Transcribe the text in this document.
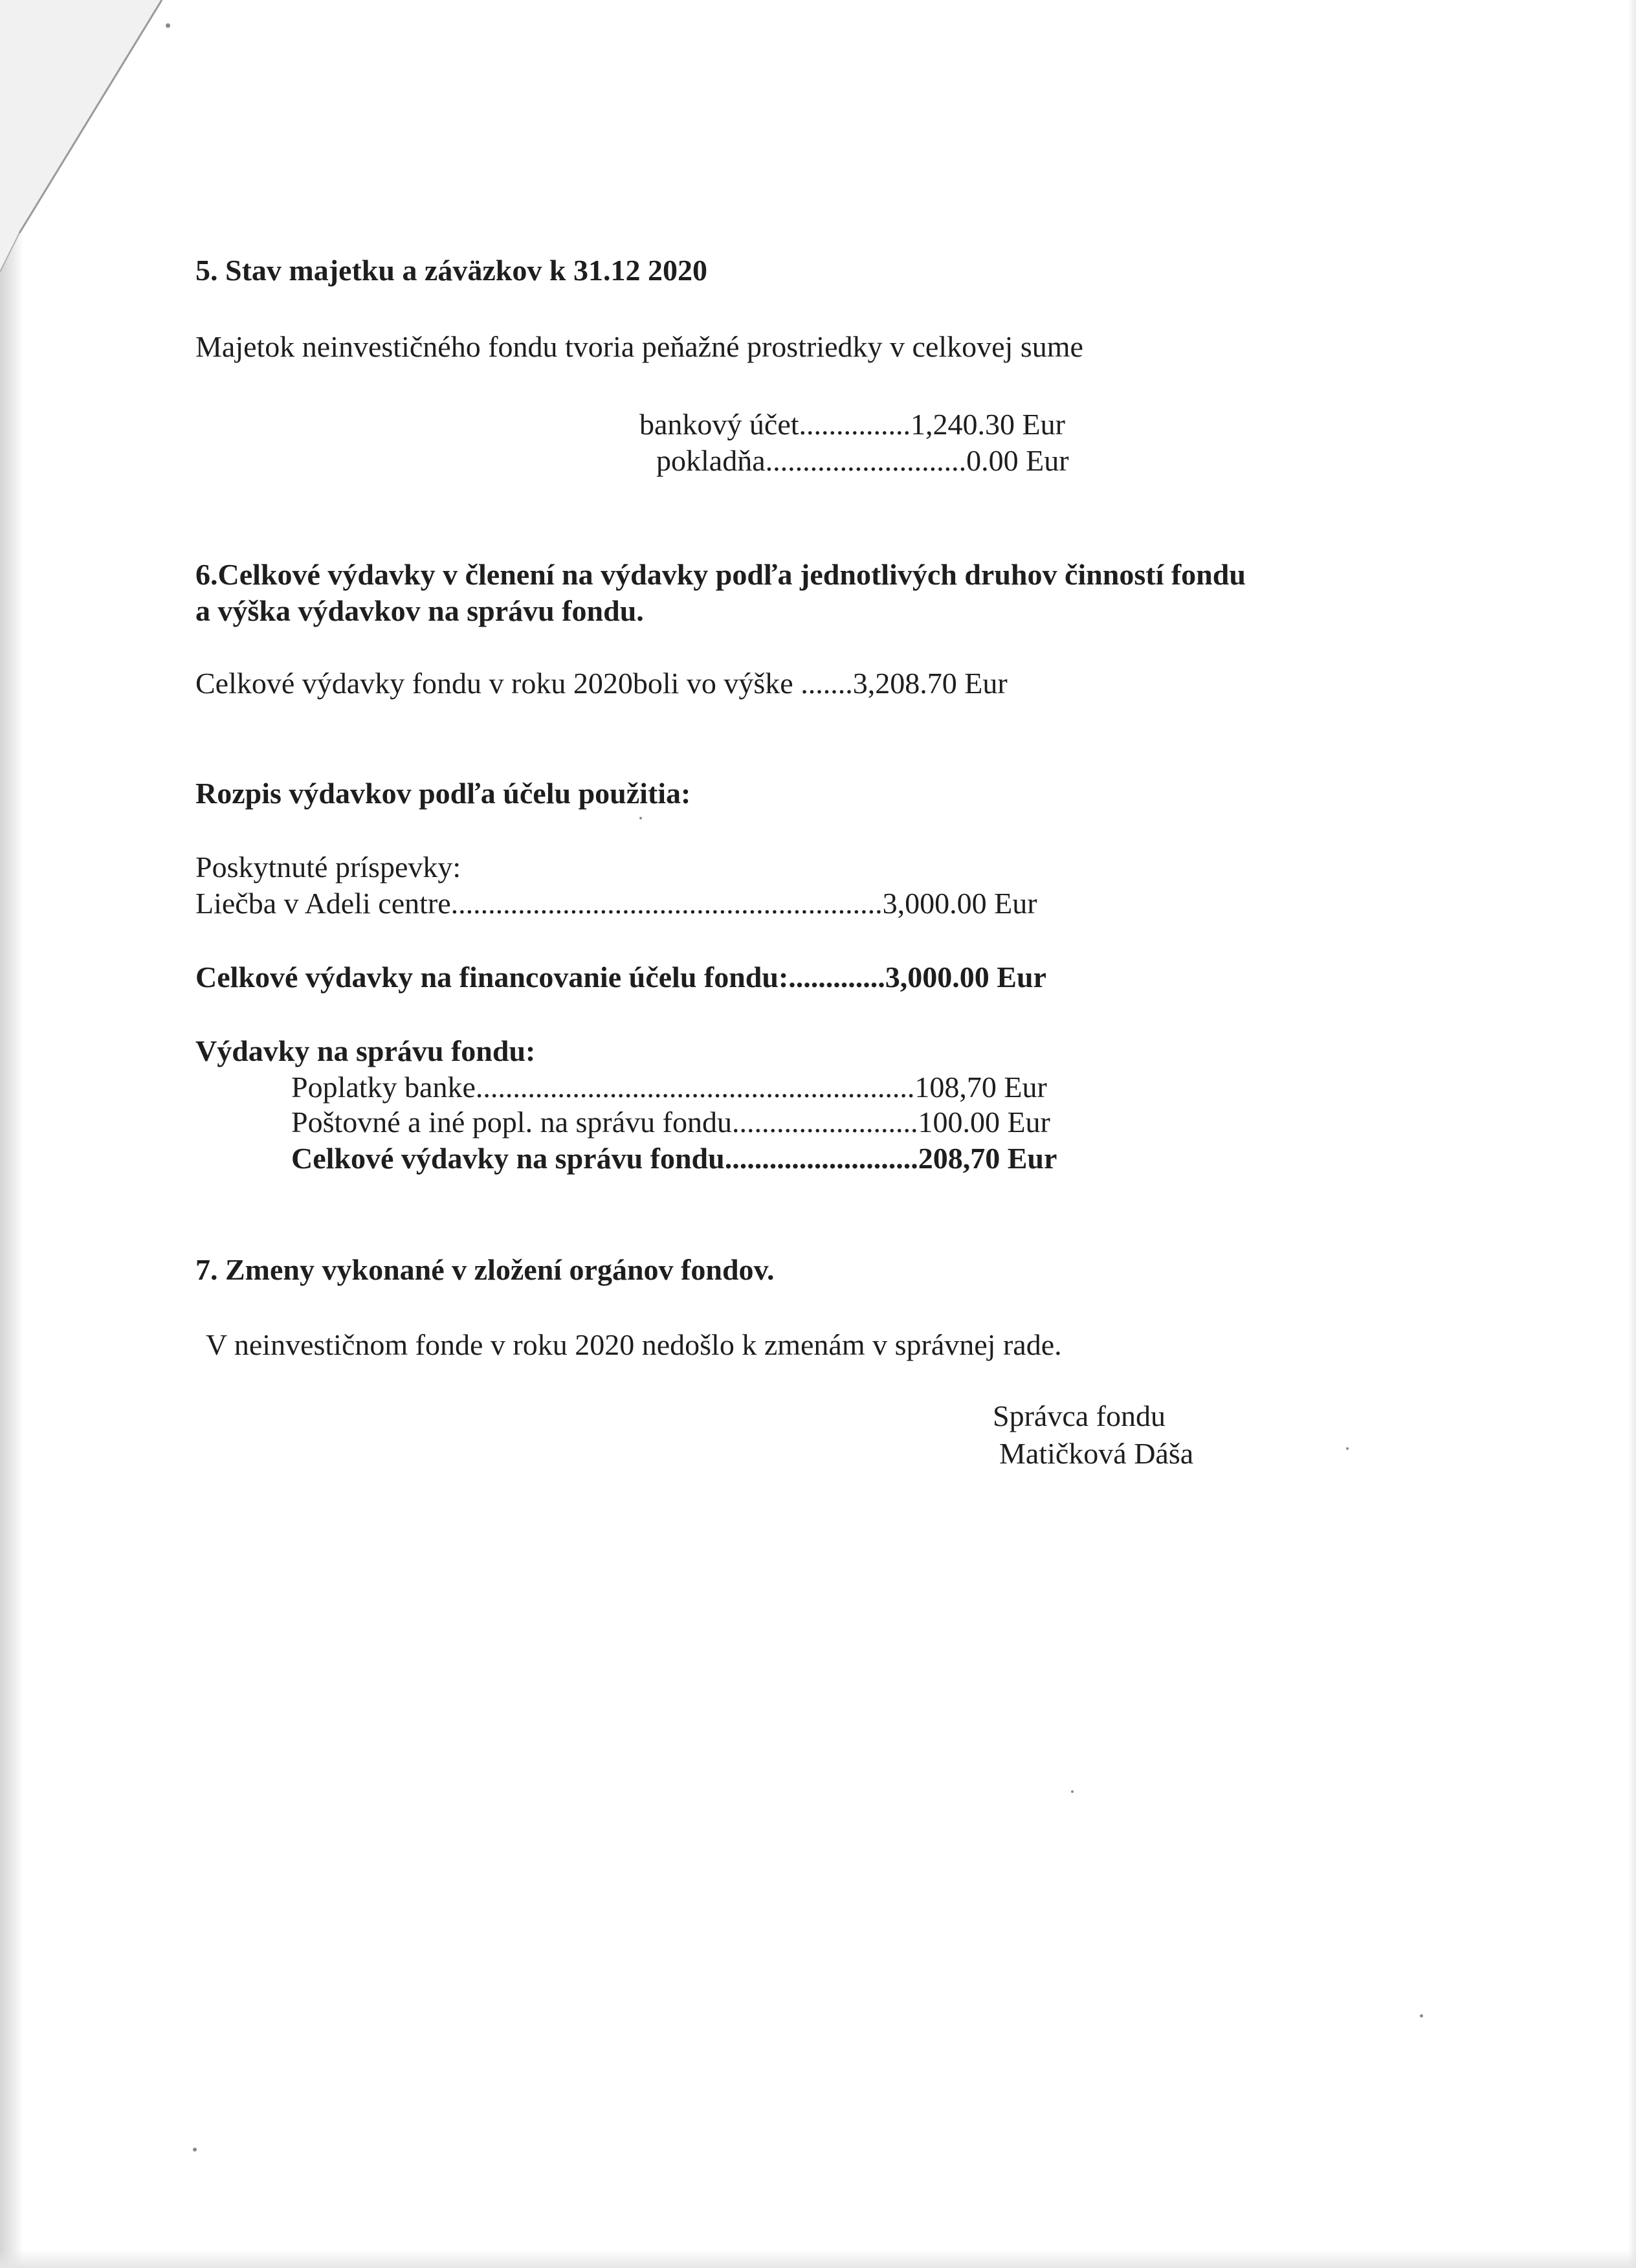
5. Stav majetku a záväzkov k 31.12 2020
Majetok neinvestičného fondu tvoria peňažné prostriedky v celkovej sume
bankový účet...............1,240.30 Eur
pokladňa...........................0.00 Eur
6.Celkové výdavky v členení na výdavky podľa jednotlivých druhov činností fondu
a výška výdavkov na správu fondu.
Celkové výdavky fondu v roku 2020boli vo výške .......3,208.70 Eur
Rozpis výdavkov podľa účelu použitia:
Poskytnuté príspevky:
Liečba v Adeli centre..........................................................3,000.00 Eur
Celkové výdavky na financovanie účelu fondu:.............3,000.00 Eur
Výdavky na správu fondu:
Poplatky banke...........................................................108,70 Eur
Poštovné a iné popl. na správu fondu.........................100.00 Eur
Celkové výdavky na správu fondu..........................208,70 Eur
7. Zmeny vykonané v zložení orgánov fondov.
V neinvestičnom fonde v roku 2020 nedošlo k zmenám v správnej rade.
Správca fondu
Matičková Dáša
